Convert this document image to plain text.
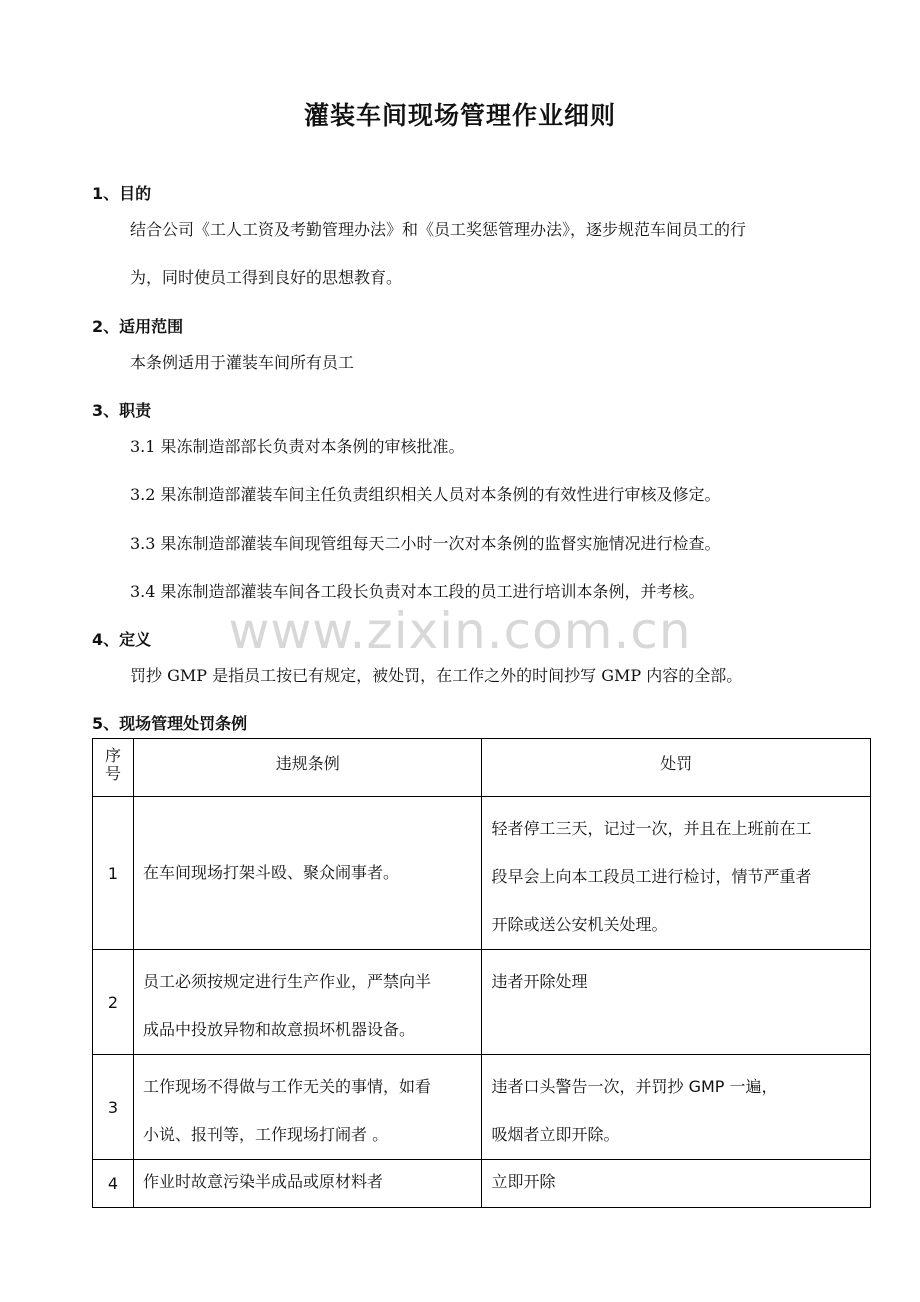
灌装车间现场管理作业细则
1、目的
结合公司《工人工资及考勤管理办法》和《员工奖惩管理办法》，逐步规范车间员工的行
为，同时使员工得到良好的思想教育。
2、适用范围
本条例适用于灌装车间所有员工
3、职责
3.1 果冻制造部部长负责对本条例的审核批准。
3.2 果冻制造部灌装车间主任负责组织相关人员对本条例的有效性进行审核及修定。
3.3 果冻制造部灌装车间现管组每天二小时一次对本条例的监督实施情况进行检查。
3.4 果冻制造部灌装车间各工段长负责对本工段的员工进行培训本条例，并考核。
www.zixin.com.cn
4、定义
罚抄 GMP 是指员工按已有规定，被处罚，在工作之外的时间抄写 GMP 内容的全部。
5、现场管理处罚条例
序
号	违规条例	处罚
1	在车间现场打架斗殴、聚众闹事者。	轻者停工三天，记过一次，并且在上班前在工
段早会上向本工段员工进行检讨，情节严重者
开除或送公安机关处理。

2	员工必须按规定进行生产作业，严禁向半
成品中投放异物和故意损坏机器设备。	违者开除处理

3	工作现场不得做与工作无关的事情，如看
小说、报刊等，工作现场打闹者 。	违者口头警告一次，并罚抄 GMP 一遍，
吸烟者立即开除。

4	作业时故意污染半成品或原材料者	立即开除
